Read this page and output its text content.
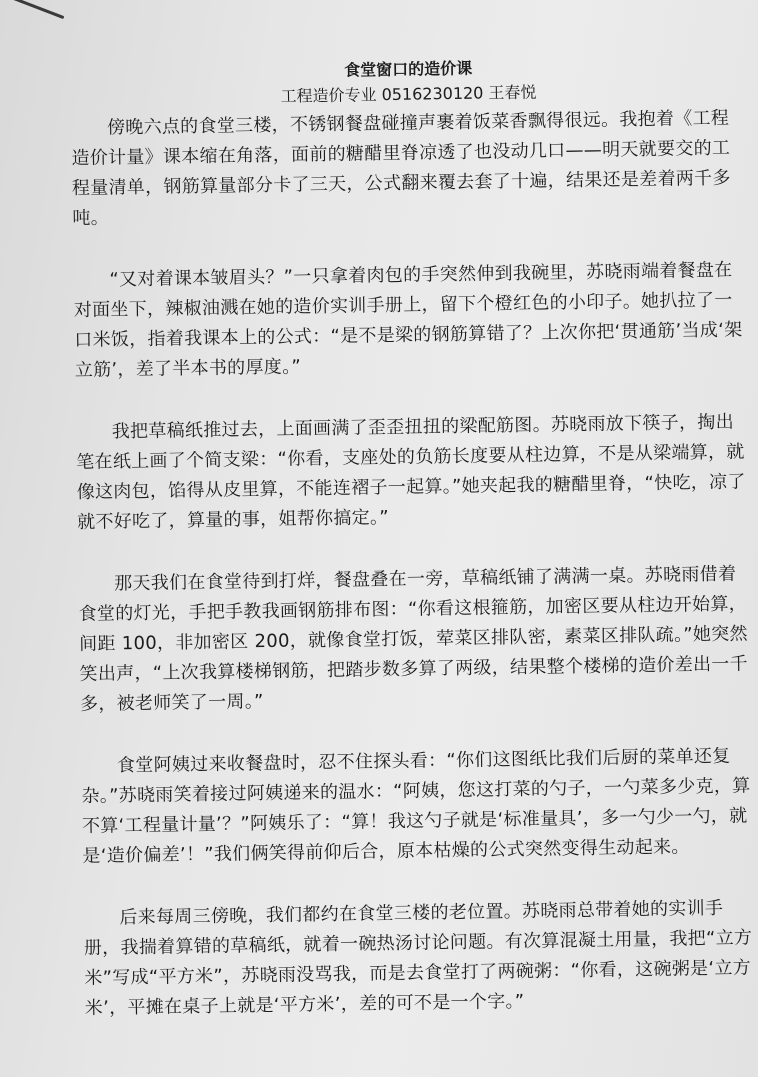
食堂窗口的造价课
工程造价专业 0516230120 王春悦

傍晚六点的食堂三楼，不锈钢餐盘碰撞声裹着饭菜香飘得很远。我抱着《工程造价计量》课本缩在角落，面前的糖醋里脊凉透了也没动几口——明天就要交的工程量清单，钢筋算量部分卡了三天，公式翻来覆去套了十遍，结果还是差着两千多吨。

“又对着课本皱眉头？”一只拿着肉包的手突然伸到我碗里，苏晓雨端着餐盘在对面坐下，辣椒油溅在她的造价实训手册上，留下个橙红色的小印子。她扒拉了一口米饭，指着我课本上的公式：“是不是梁的钢筋算错了？上次你把‘贯通筋’当成‘架立筋’，差了半本书的厚度。”

我把草稿纸推过去，上面画满了歪歪扭扭的梁配筋图。苏晓雨放下筷子，掏出笔在纸上画了个简支梁：“你看，支座处的负筋长度要从柱边算，不是从梁端算，就像这肉包，馅得从皮里算，不能连褶子一起算。”她夹起我的糖醋里脊，“快吃，凉了就不好吃了，算量的事，姐帮你搞定。”

那天我们在食堂待到打烊，餐盘叠在一旁，草稿纸铺了满满一桌。苏晓雨借着食堂的灯光，手把手教我画钢筋排布图：“你看这根箍筋，加密区要从柱边开始算，间距 100，非加密区 200，就像食堂打饭，荤菜区排队密，素菜区排队疏。”她突然笑出声，“上次我算楼梯钢筋，把踏步数多算了两级，结果整个楼梯的造价差出一千多，被老师笑了一周。”

食堂阿姨过来收餐盘时，忍不住探头看：“你们这图纸比我们后厨的菜单还复杂。”苏晓雨笑着接过阿姨递来的温水：“阿姨，您这打菜的勺子，一勺菜多少克，算不算‘工程量计量’？”阿姨乐了：“算！我这勺子就是‘标准量具’，多一勺少一勺，就是‘造价偏差’！”我们俩笑得前仰后合，原本枯燥的公式突然变得生动起来。

后来每周三傍晚，我们都约在食堂三楼的老位置。苏晓雨总带着她的实训手册，我揣着算错的草稿纸，就着一碗热汤讨论问题。有次算混凝土用量，我把“立方米”写成“平方米”，苏晓雨没骂我，而是去食堂打了两碗粥：“你看，这碗粥是‘立方米’，平摊在桌子上就是‘平方米’，差的可不是一个字。”
